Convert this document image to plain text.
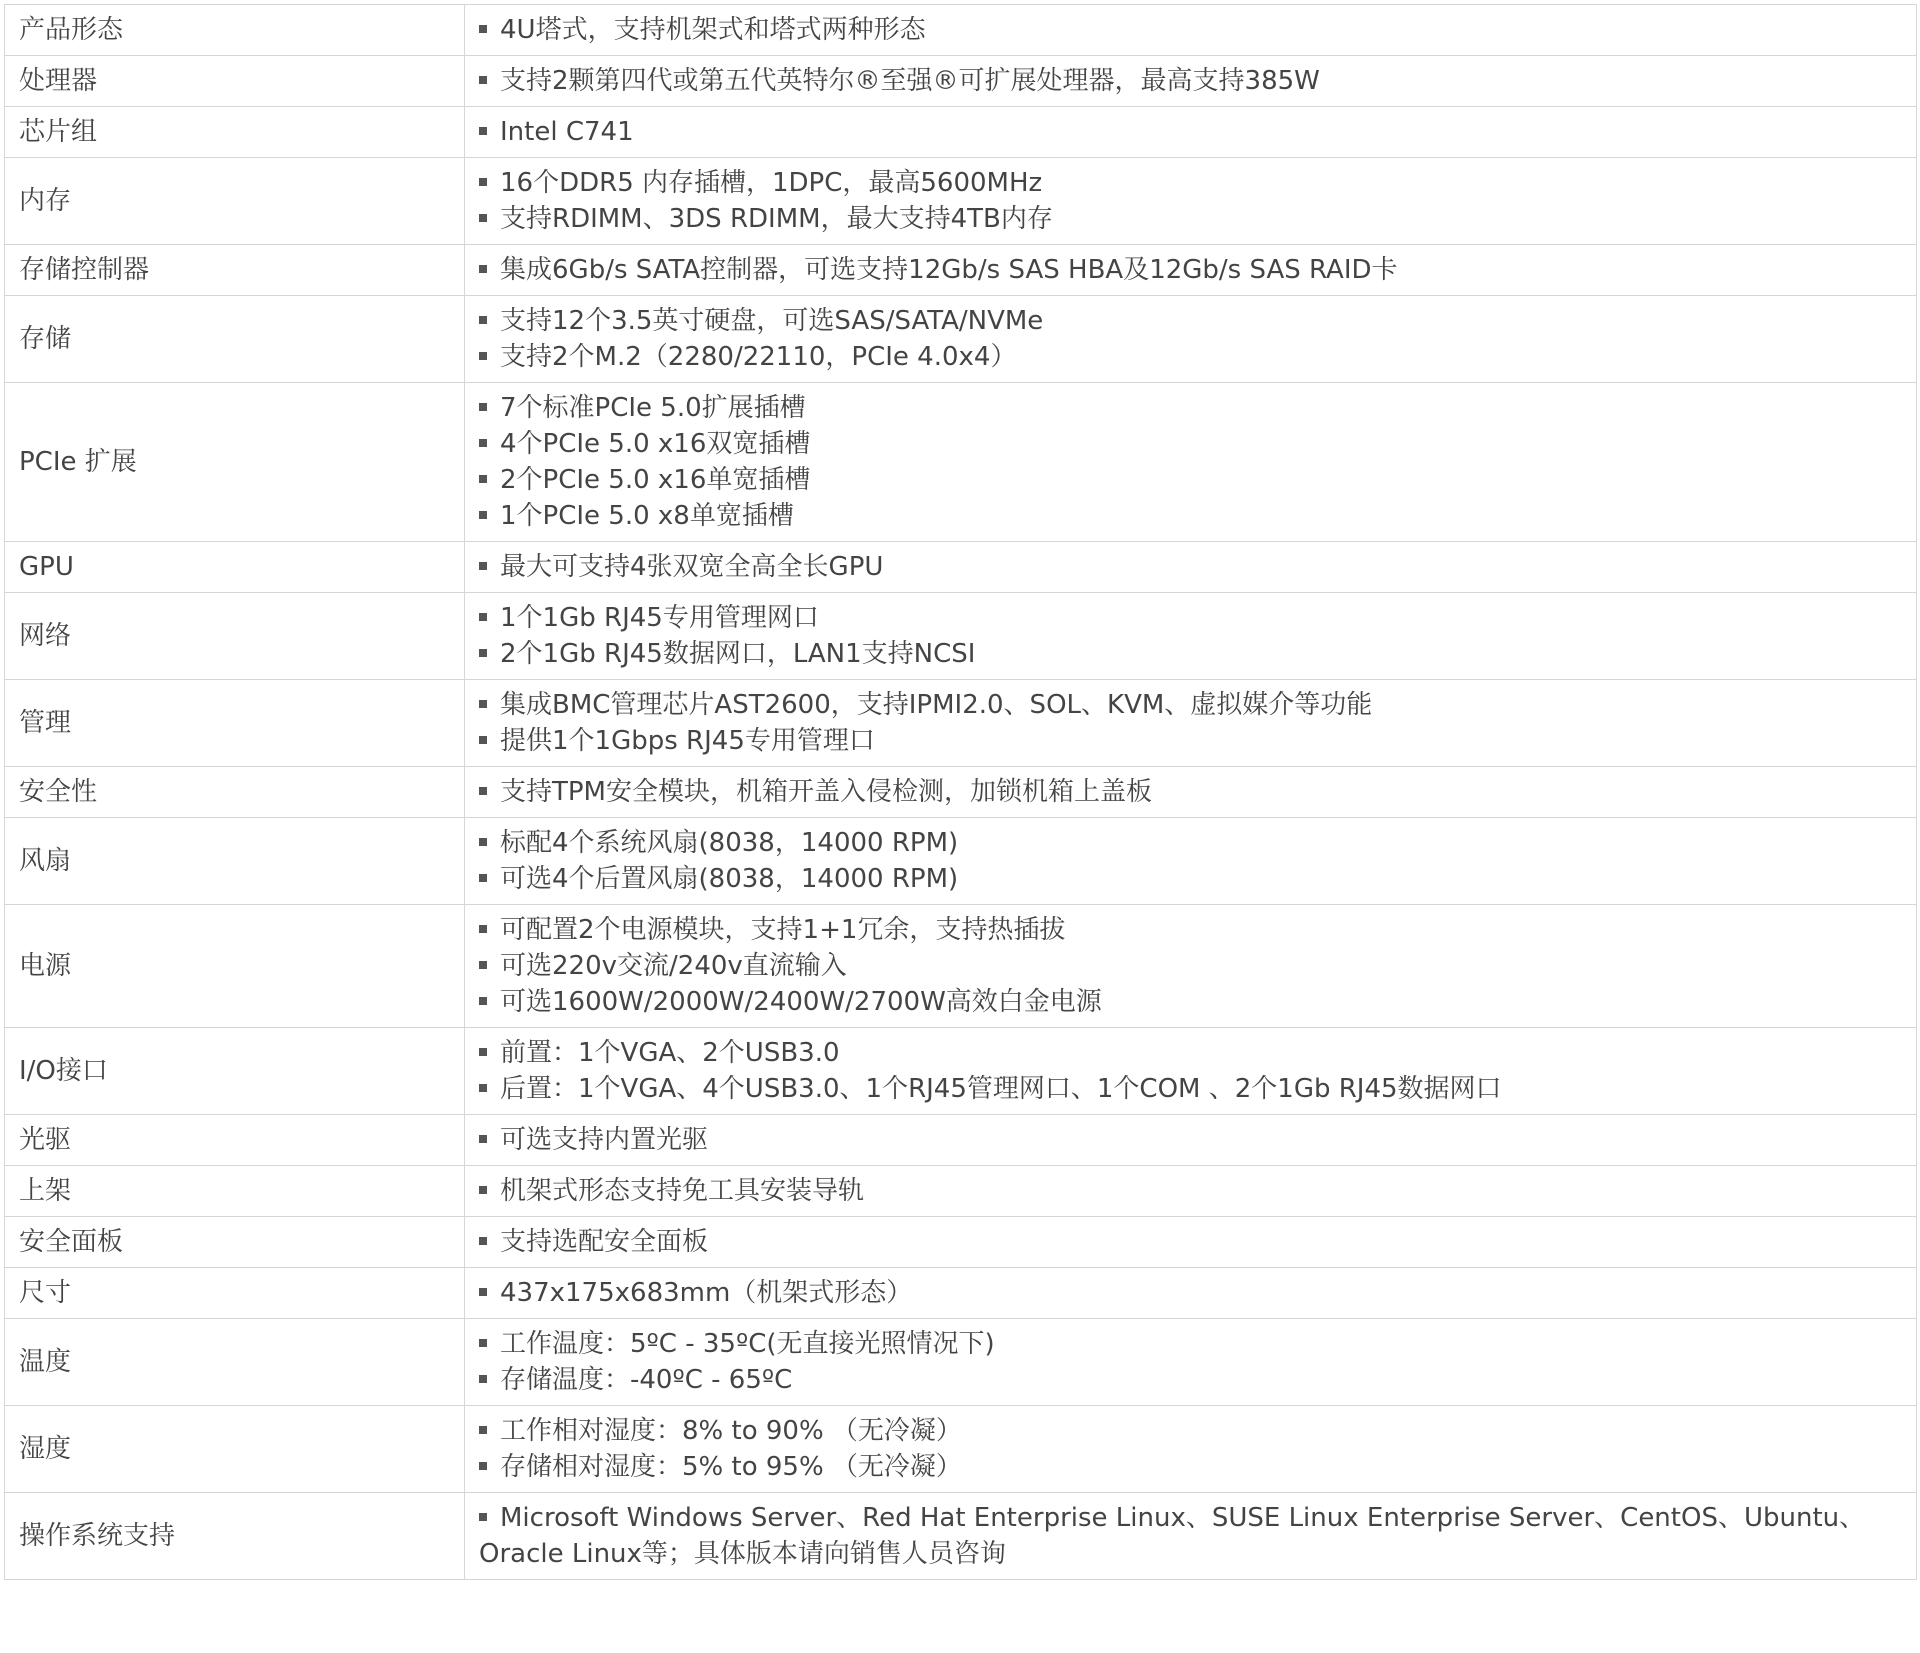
产品形态	4U塔式，支持机架式和塔式两种形态

处理器	支持2颗第四代或第五代英特尔®至强®可扩展处理器，最高支持385W

芯片组	Intel C741

内存	16个DDR5 内存插槽，1DPC，最高5600MHz
支持RDIMM、3DS RDIMM，最大支持4TB内存

存储控制器	集成6Gb/s SATA控制器，可选支持12Gb/s SAS HBA及12Gb/s SAS RAID卡

存储	支持12个3.5英寸硬盘，可选SAS/SATA/NVMe
支持2个M.2（2280/22110，PCIe 4.0x4）

PCIe 扩展	7个标准PCIe 5.0扩展插槽
4个PCIe 5.0 x16双宽插槽
2个PCIe 5.0 x16单宽插槽
1个PCIe 5.0 x8单宽插槽

GPU	最大可支持4张双宽全高全长GPU

网络	1个1Gb RJ45专用管理网口
2个1Gb RJ45数据网口，LAN1支持NCSI

管理	集成BMC管理芯片AST2600，支持IPMI2.0、SOL、KVM、虚拟媒介等功能
提供1个1Gbps RJ45专用管理口

安全性	支持TPM安全模块，机箱开盖入侵检测，加锁机箱上盖板

风扇	标配4个系统风扇(8038，14000 RPM)
可选4个后置风扇(8038，14000 RPM)

电源	可配置2个电源模块，支持1+1冗余，支持热插拔
可选220v交流/240v直流输入
可选1600W/2000W/2400W/2700W高效白金电源

I/O接口	前置：1个VGA、2个USB3.0
后置：1个VGA、4个USB3.0、1个RJ45管理网口、1个COM 、2个1Gb RJ45数据网口

光驱	可选支持内置光驱

上架	机架式形态支持免工具安装导轨

安全面板	支持选配安全面板

尺寸	437x175x683mm（机架式形态）

温度	工作温度：5ºC - 35ºC(无直接光照情况下)
存储温度：-40ºC - 65ºC

湿度	工作相对湿度：8% to 90% （无冷凝）
存储相对湿度：5% to 95% （无冷凝）

操作系统支持	Microsoft Windows Server、Red Hat Enterprise Linux、SUSE Linux Enterprise Server、CentOS、Ubuntu、Oracle Linux等；具体版本请向销售人员咨询
